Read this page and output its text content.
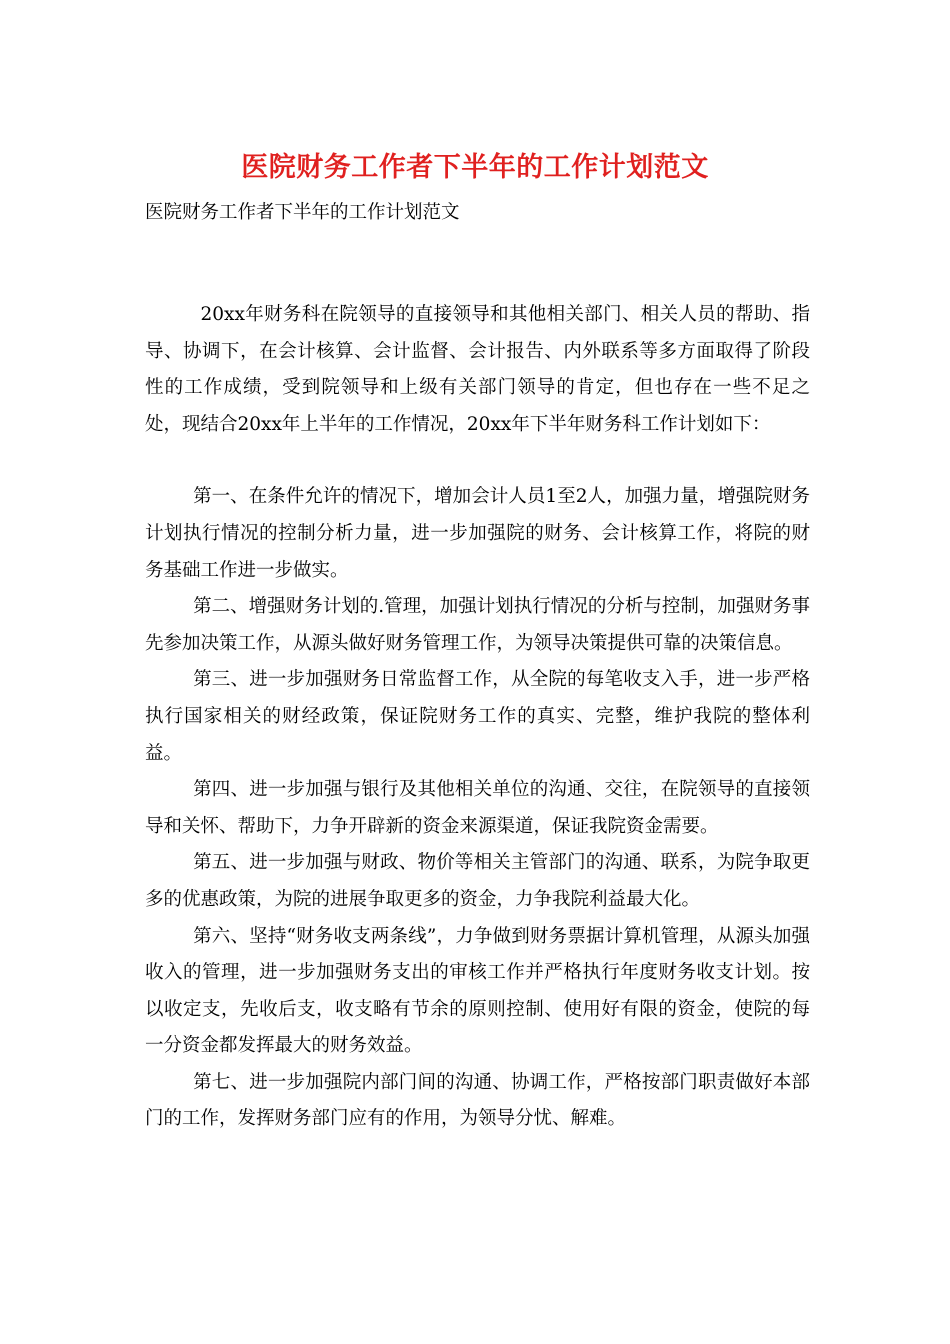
医院财务工作者下半年的工作计划范文
医院财务工作者下半年的工作计划范文

20xx年财务科在院领导的直接领导和其他相关部门、相关人员的帮助、指导、协调下，在会计核算、会计监督、会计报告、内外联系等多方面取得了阶段性的工作成绩，受到院领导和上级有关部门领导的肯定，但也存在一些不足之处，现结合20xx年上半年的工作情况，20xx年下半年财务科工作计划如下：

第一、在条件允许的情况下，增加会计人员1至2人，加强力量，增强院财务计划执行情况的控制分析力量，进一步加强院的财务、会计核算工作，将院的财务基础工作进一步做实。

第二、增强财务计划的.管理，加强计划执行情况的分析与控制，加强财务事先参加决策工作，从源头做好财务管理工作，为领导决策提供可靠的决策信息。

第三、进一步加强财务日常监督工作，从全院的每笔收支入手，进一步严格执行国家相关的财经政策，保证院财务工作的真实、完整，维护我院的整体利益。

第四、进一步加强与银行及其他相关单位的沟通、交往，在院领导的直接领导和关怀、帮助下，力争开辟新的资金来源渠道，保证我院资金需要。

第五、进一步加强与财政、物价等相关主管部门的沟通、联系，为院争取更多的优惠政策，为院的进展争取更多的资金，力争我院利益最大化。

第六、坚持“财务收支两条线”，力争做到财务票据计算机管理，从源头加强收入的管理，进一步加强财务支出的审核工作并严格执行年度财务收支计划。按以收定支，先收后支，收支略有节余的原则控制、使用好有限的资金，使院的每一分资金都发挥最大的财务效益。

第七、进一步加强院内部门间的沟通、协调工作，严格按部门职责做好本部门的工作，发挥财务部门应有的作用，为领导分忧、解难。
